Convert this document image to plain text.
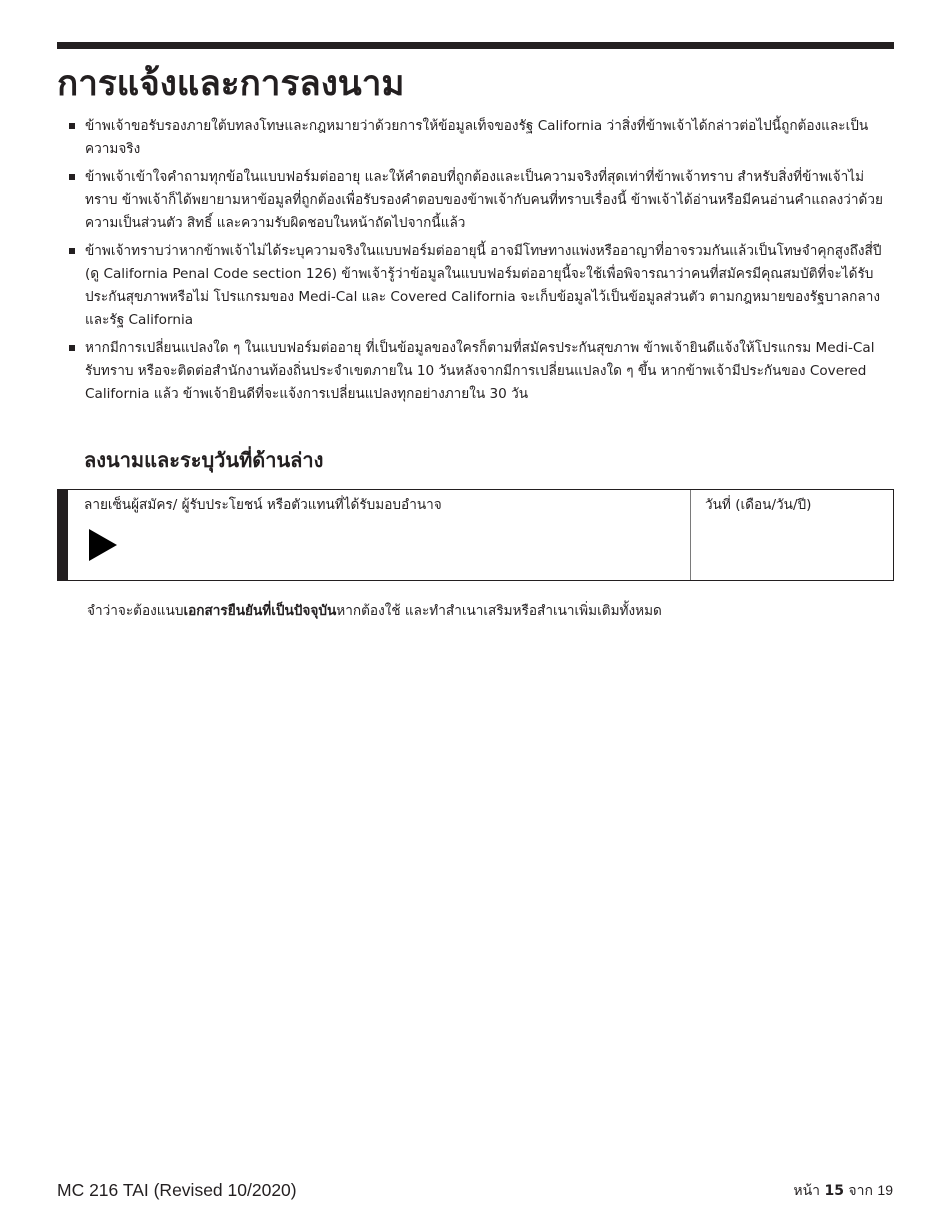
การแจ้งและการลงนาม
ข้าพเจ้าขอรับรองภายใต้บทลงโทษและกฎหมายว่าด้วยการให้ข้อมูลเท็จของรัฐ California ว่าสิ่งที่ข้าพเจ้าได้กล่าวต่อไปนี้ถูกต้องและเป็นความจริง
ข้าพเจ้าเข้าใจคำถามทุกข้อในแบบฟอร์มต่ออายุ และให้คำตอบที่ถูกต้องและเป็นความจริงที่สุดเท่าที่ข้าพเจ้าทราบ สำหรับสิ่งที่ข้าพเจ้าไม่ทราบ ข้าพเจ้าก็ได้พยายามหาข้อมูลที่ถูกต้องเพื่อรับรองคำตอบของข้าพเจ้ากับคนที่ทราบเรื่องนี้ ข้าพเจ้าได้อ่านหรือมีคนอ่านคำแถลงว่าด้วยความเป็นส่วนตัว สิทธิ์ และความรับผิดชอบในหน้าถัดไปจากนี้แล้ว
ข้าพเจ้าทราบว่าหากข้าพเจ้าไม่ได้ระบุความจริงในแบบฟอร์มต่ออายุนี้ อาจมีโทษทางแพ่งหรืออาญาที่อาจรวมกันแล้วเป็นโทษจำคุกสูงถึงสี่ปี (ดู California Penal Code section 126) ข้าพเจ้ารู้ว่าข้อมูลในแบบฟอร์มต่ออายุนี้จะใช้เพื่อพิจารณาว่าคนที่สมัครมีคุณสมบัติที่จะได้รับประกันสุขภาพหรือไม่ โปรแกรมของ Medi-Cal และ Covered California จะเก็บข้อมูลไว้เป็นข้อมูลส่วนตัว ตามกฎหมายของรัฐบาลกลางและรัฐ California
หากมีการเปลี่ยนแปลงใด ๆ ในแบบฟอร์มต่ออายุ ที่เป็นข้อมูลของใครก็ตามที่สมัครประกันสุขภาพ ข้าพเจ้ายินดีแจ้งให้โปรแกรม Medi-Cal รับทราบ หรือจะติดต่อสำนักงานท้องถิ่นประจำเขตภายใน 10 วันหลังจากมีการเปลี่ยนแปลงใด ๆ ขึ้น หากข้าพเจ้ามีประกันของ Covered California แล้ว ข้าพเจ้ายินดีที่จะแจ้งการเปลี่ยนแปลงทุกอย่างภายใน 30 วัน
ลงนามและระบุวันที่ด้านล่าง
ลายเซ็นผู้สมัคร/ ผู้รับประโยชน์ หรือตัวแทนที่ได้รับมอบอำนาจ	วันที่ (เดือน/วัน/ปี)

จำว่าจะต้องแนบเอกสารยืนยันที่เป็นปัจจุบันหากต้องใช้ และทำสำเนาเสริมหรือสำเนาเพิ่มเติมทั้งหมด

MC 216 TAI (Revised 10/2020)	หน้า 15 จาก 19
